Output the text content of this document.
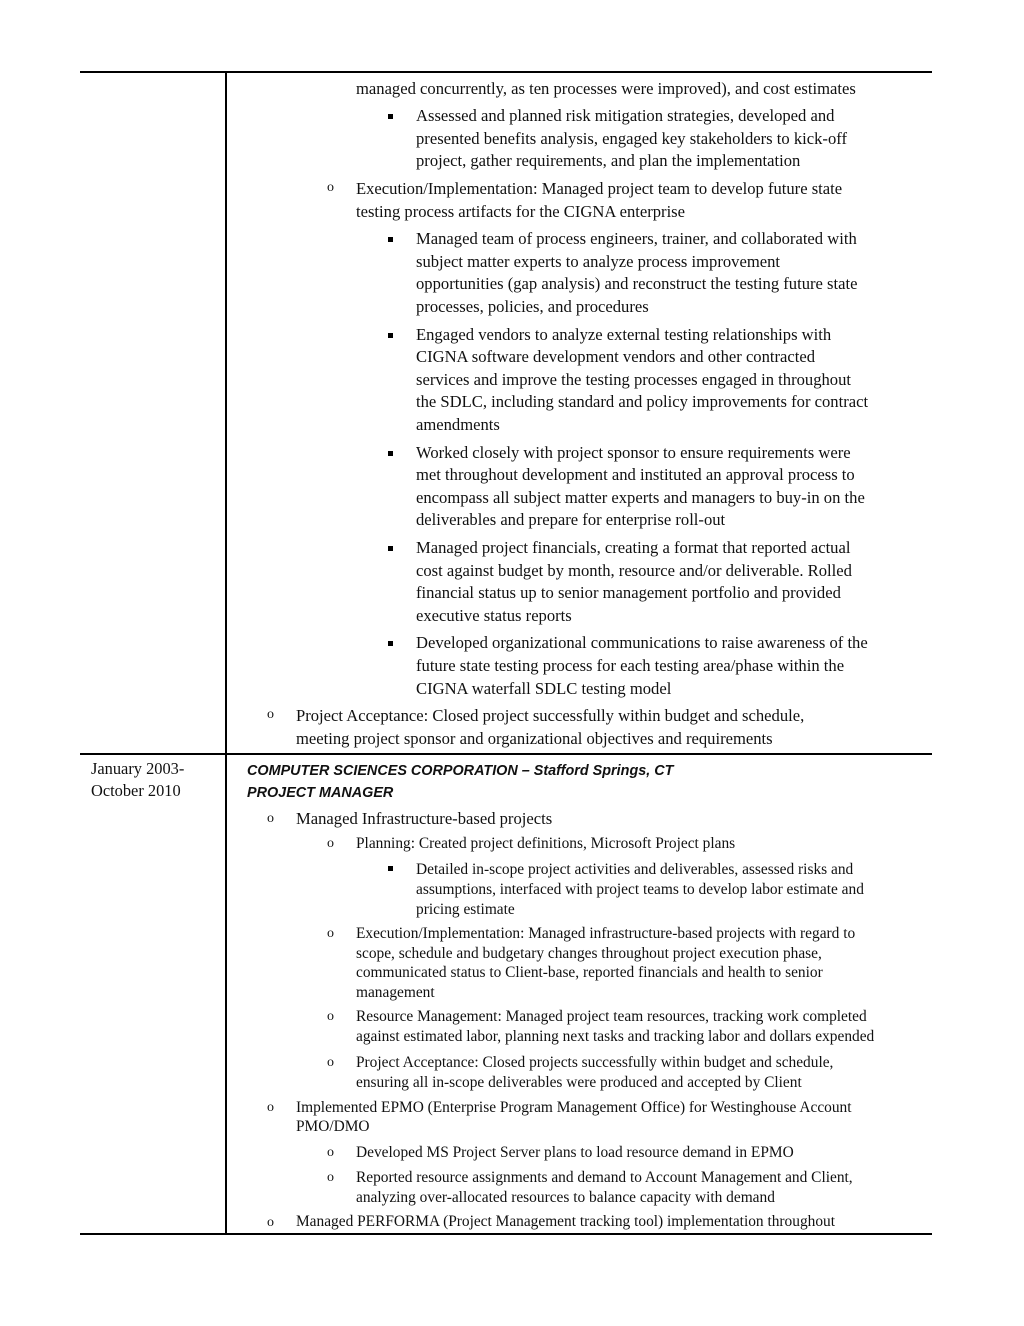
managed concurrently, as ten processes were improved), and cost estimates
Assessed and planned risk mitigation strategies, developed and
presented benefits analysis, engaged key stakeholders to kick-off
project, gather requirements, and plan the implementation
o Execution/Implementation: Managed project team to develop future state
testing process artifacts for the CIGNA enterprise
Managed team of process engineers, trainer, and collaborated with
subject matter experts to analyze process improvement
opportunities (gap analysis) and reconstruct the testing future state
processes, policies, and procedures
Engaged vendors to analyze external testing relationships with
CIGNA software development vendors and other contracted
services and improve the testing processes engaged in throughout
the SDLC, including standard and policy improvements for contract
amendments
Worked closely with project sponsor to ensure requirements were
met throughout development and instituted an approval process to
encompass all subject matter experts and managers to buy-in on the
deliverables and prepare for enterprise roll-out
Managed project financials, creating a format that reported actual
cost against budget by month, resource and/or deliverable. Rolled
financial status up to senior management portfolio and provided
executive status reports
Developed organizational communications to raise awareness of the
future state testing process for each testing area/phase within the
CIGNA waterfall SDLC testing model
o Project Acceptance: Closed project successfully within budget and schedule,
meeting project sponsor and organizational objectives and requirements
January 2003-
October 2010
COMPUTER SCIENCES CORPORATION – Stafford Springs, CT
PROJECT MANAGER
o Managed Infrastructure-based projects
o Planning: Created project definitions, Microsoft Project plans
Detailed in-scope project activities and deliverables, assessed risks and
assumptions, interfaced with project teams to develop labor estimate and
pricing estimate
o Execution/Implementation: Managed infrastructure-based projects with regard to
scope, schedule and budgetary changes throughout project execution phase,
communicated status to Client-base, reported financials and health to senior
management
o Resource Management: Managed project team resources, tracking work completed
against estimated labor, planning next tasks and tracking labor and dollars expended
o Project Acceptance: Closed projects successfully within budget and schedule,
ensuring all in-scope deliverables were produced and accepted by Client
o Implemented EPMO (Enterprise Program Management Office) for Westinghouse Account
PMO/DMO
o Developed MS Project Server plans to load resource demand in EPMO
o Reported resource assignments and demand to Account Management and Client,
analyzing over-allocated resources to balance capacity with demand
o Managed PERFORMA (Project Management tracking tool) implementation throughout
